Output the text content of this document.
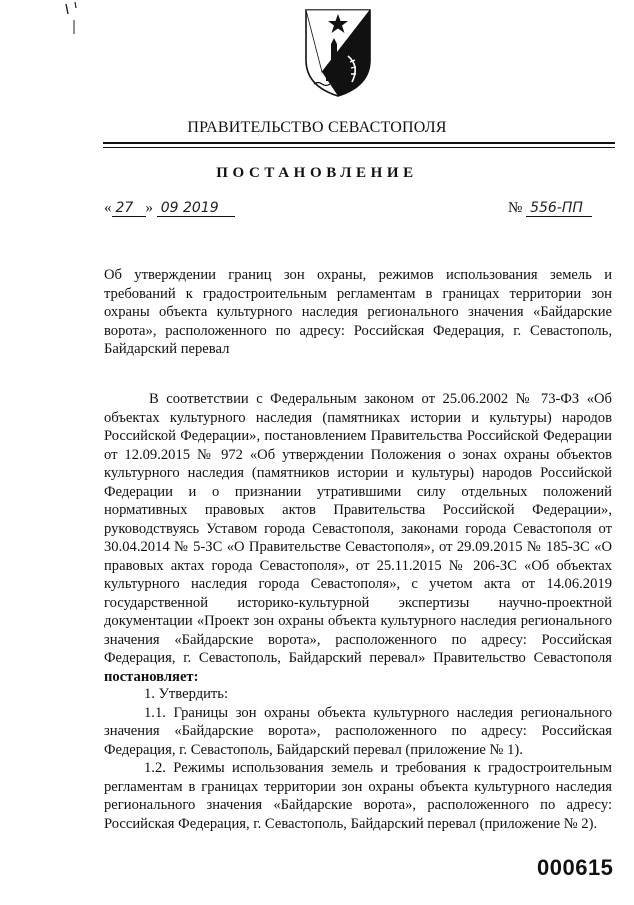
ПРАВИТЕЛЬСТВО СЕВАСТОПОЛЯ
ПОСТАНОВЛЕНИЕ
« 27 » 09 2019	№ 556-ПП
Об утверждении границ зон охраны, режимов использования земель и требований к градостроительным регламентам в границах территории зон охраны объекта культурного наследия регионального значения «Байдарские ворота», расположенного по адресу: Российская Федерация, г. Севастополь, Байдарский перевал
В соответствии с Федеральным законом от 25.06.2002 № 73-ФЗ «Об объектах культурного наследия (памятниках истории и культуры) народов Российской Федерации», постановлением Правительства Российской Федерации от 12.09.2015 № 972 «Об утверждении Положения о зонах охраны объектов культурного наследия (памятников истории и культуры) народов Российской Федерации и о признании утратившими силу отдельных положений нормативных правовых актов Правительства Российской Федерации», руководствуясь Уставом города Севастополя, законами города Севастополя от 30.04.2014 № 5-ЗС «О Правительстве Севастополя», от 29.09.2015 № 185-ЗС «О правовых актах города Севастополя», от 25.11.2015 № 206-ЗС «Об объектах культурного наследия города Севастополя», с учетом акта от 14.06.2019 государственной историко-культурной экспертизы научно-проектной документации «Проект зон охраны объекта культурного наследия регионального значения «Байдарские ворота», расположенного по адресу: Российская Федерация, г. Севастополь, Байдарский перевал» Правительство Севастополя постановляет:

1. Утвердить:

1.1. Границы зон охраны объекта культурного наследия регионального значения «Байдарские ворота», расположенного по адресу: Российская Федерация, г. Севастополь, Байдарский перевал (приложение № 1).

1.2. Режимы использования земель и требования к градостроительным регламентам в границах территории зон охраны объекта культурного наследия регионального значения «Байдарские ворота», расположенного по адресу: Российская Федерация, г. Севастополь, Байдарский перевал (приложение № 2).

000615
